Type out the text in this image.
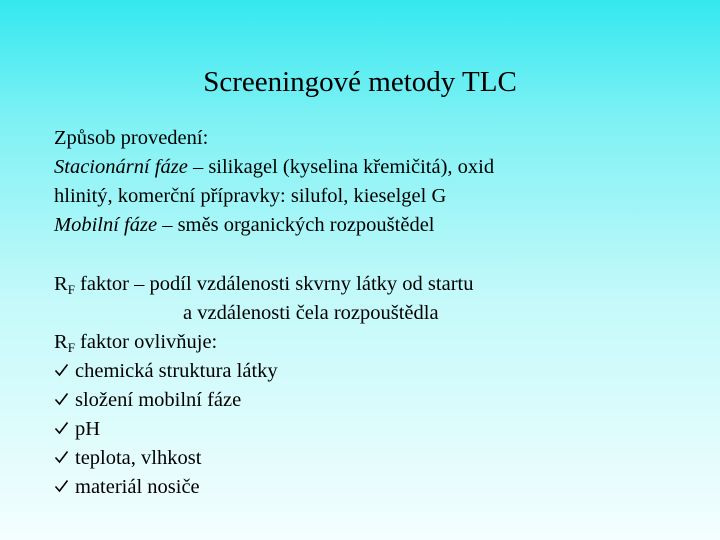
Screeningové metody TLC
Způsob provedení:
Stacionární fáze – silikagel (kyselina křemičitá), oxid
hlinitý, komerční přípravky: silufol, kieselgel G
Mobilní fáze – směs organických rozpouštědel
RF faktor – podíl vzdálenosti skvrny látky od startu
a vzdálenosti čela rozpouštědla
RF faktor ovlivňuje:
chemická struktura látky
složení mobilní fáze
pH
teplota, vlhkost
materiál nosiče
